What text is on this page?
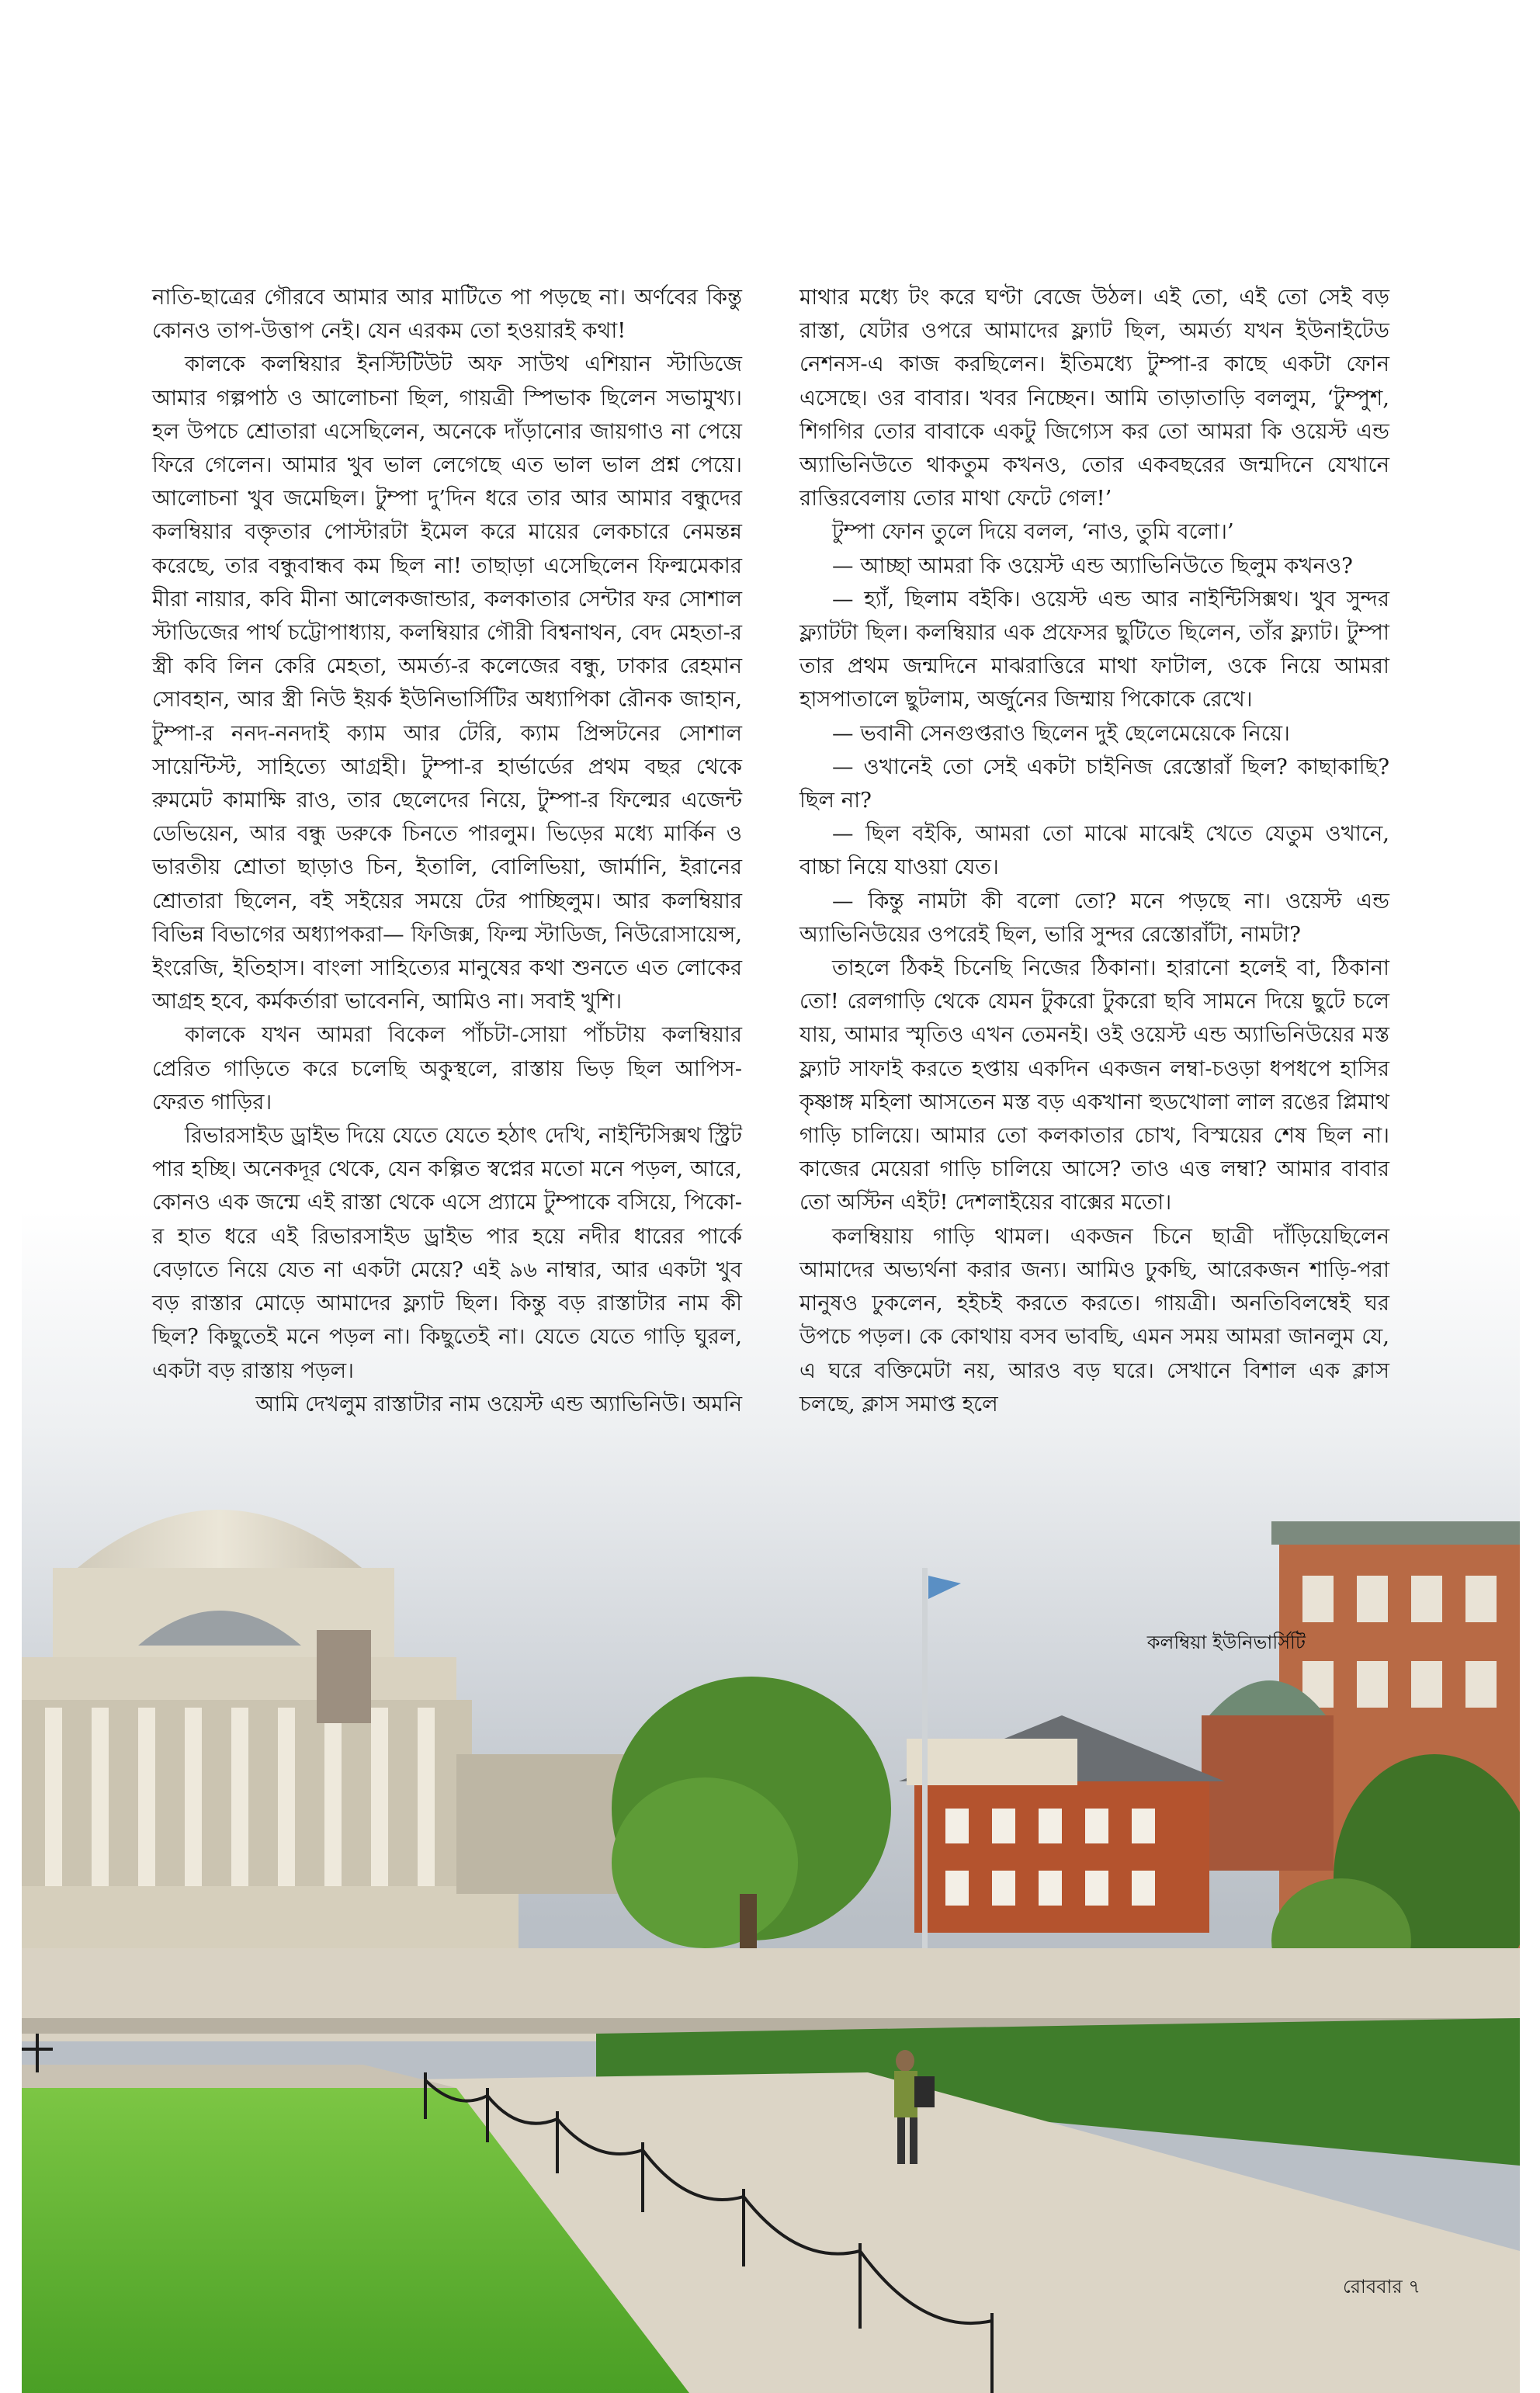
নাতি-ছাত্রের গৌরবে আমার আর মাটিতে পা পড়ছে না। অর্ণবের কিন্তু কোনও তাপ-উত্তাপ নেই। যেন এরকম তো হওয়ারই কথা!

কালকে কলম্বিয়ার ইনস্টিটিউট অফ সাউথ এশিয়ান স্টাডিজে আমার গল্পপাঠ ও আলোচনা ছিল, গায়ত্রী স্পিভাক ছিলেন সভামুখ্য। হল উপচে শ্রোতারা এসেছিলেন, অনেকে দাঁড়ানোর জায়গাও না পেয়ে ফিরে গেলেন। আমার খুব ভাল লেগেছে এত ভাল ভাল প্রশ্ন পেয়ে। আলোচনা খুব জমেছিল। টুম্পা দু’দিন ধরে তার আর আমার বন্ধুদের কলম্বিয়ার বক্তৃতার পোস্টারটা ইমেল করে মায়ের লেকচারে নেমন্তন্ন করেছে, তার বন্ধুবান্ধব কম ছিল না! তাছাড়া এসেছিলেন ফিল্মমেকার মীরা নায়ার, কবি মীনা আলেকজান্ডার, কলকাতার সেন্টার ফর সোশাল স্টাডিজের পার্থ চট্টোপাধ্যায়, কলম্বিয়ার গৌরী বিশ্বনাথন, বেদ মেহতা-র স্ত্রী কবি লিন কেরি মেহতা, অমর্ত্য-র কলেজের বন্ধু, ঢাকার রেহমান সোবহান, আর স্ত্রী নিউ ইয়র্ক ইউনিভার্সিটির অধ্যাপিকা রৌনক জাহান, টুম্পা-র ননদ-ননদাই ক্যাম আর টেরি, ক্যাম প্রিন্সটনের সোশাল সায়েন্টিস্ট, সাহিত্যে আগ্রহী। টুম্পা-র হার্ভার্ডের প্রথম বছর থেকে রুমমেট কামাক্ষি রাও, তার ছেলেদের নিয়ে, টুম্পা-র ফিল্মের এজেন্ট ডেভিয়েন, আর বন্ধু ডরুকে চিনতে পারলুম। ভিড়ের মধ্যে মার্কিন ও ভারতীয় শ্রোতা ছাড়াও চিন, ইতালি, বোলিভিয়া, জার্মানি, ইরানের শ্রোতারা ছিলেন, বই সইয়ের সময়ে টের পাচ্ছিলুম। আর কলম্বিয়ার বিভিন্ন বিভাগের অধ্যাপকরা— ফিজিক্স, ফিল্ম স্টাডিজ, নিউরোসায়েন্স, ইংরেজি, ইতিহাস। বাংলা সাহিত্যের মানুষের কথা শুনতে এত লোকের আগ্রহ হবে, কর্মকর্তারা ভাবেননি, আমিও না। সবাই খুশি।

কালকে যখন আমরা বিকেল পাঁচটা-সোয়া পাঁচটায় কলম্বিয়ার প্রেরিত গাড়িতে করে চলেছি অকুস্থলে, রাস্তায় ভিড় ছিল আপিস-ফেরত গাড়ির।

রিভারসাইড ড্রাইভ দিয়ে যেতে যেতে হঠাৎ দেখি, নাইন্টিসিক্সথ স্ট্রিট পার হচ্ছি। অনেকদূর থেকে, যেন কল্পিত স্বপ্নের মতো মনে পড়ল, আরে, কোনও এক জন্মে এই রাস্তা থেকে এসে প্র্যামে টুম্পাকে বসিয়ে, পিকো-র হাত ধরে এই রিভারসাইড ড্রাইভ পার হয়ে নদীর ধারের পার্কে বেড়াতে নিয়ে যেত না একটা মেয়ে? এই ৯৬ নাম্বার, আর একটা খুব বড় রাস্তার মোড়ে আমাদের ফ্ল্যাট ছিল। কিন্তু বড় রাস্তাটার নাম কী ছিল? কিছুতেই মনে পড়ল না। কিছুতেই না। যেতে যেতে গাড়ি ঘুরল, একটা বড় রাস্তায় পড়ল।

আমি দেখলুম রাস্তাটার নাম ওয়েস্ট এন্ড অ্যাভিনিউ। অমনি

মাথার মধ্যে টং করে ঘণ্টা বেজে উঠল। এই তো, এই তো সেই বড় রাস্তা, যেটার ওপরে আমাদের ফ্ল্যাট ছিল, অমর্ত্য যখন ইউনাইটেড নেশনস-এ কাজ করছিলেন। ইতিমধ্যে টুম্পা-র কাছে একটা ফোন এসেছে। ওর বাবার। খবর নিচ্ছেন। আমি তাড়াতাড়ি বললুম, ‘টুম্পুশ, শিগগির তোর বাবাকে একটু জিগ্যেস কর তো আমরা কি ওয়েস্ট এন্ড অ্যাভিনিউতে থাকতুম কখনও, তোর একবছরের জন্মদিনে যেখানে রাত্তিরবেলায় তোর মাথা ফেটে গেল!’

টুম্পা ফোন তুলে দিয়ে বলল, ‘নাও, তুমি বলো।’

— আচ্ছা আমরা কি ওয়েস্ট এন্ড অ্যাভিনিউতে ছিলুম কখনও?

— হ্যাঁ, ছিলাম বইকি। ওয়েস্ট এন্ড আর নাইন্টিসিক্সথ। খুব সুন্দর ফ্ল্যাটটা ছিল। কলম্বিয়ার এক প্রফেসর ছুটিতে ছিলেন, তাঁর ফ্ল্যাট। টুম্পা তার প্রথম জন্মদিনে মাঝরাত্তিরে মাথা ফাটাল, ওকে নিয়ে আমরা হাসপাতালে ছুটলাম, অর্জুনের জিম্মায় পিকোকে রেখে।

— ভবানী সেনগুপ্তরাও ছিলেন দুই ছেলেমেয়েকে নিয়ে।

— ওখানেই তো সেই একটা চাইনিজ রেস্তোরাঁ ছিল? কাছাকাছি? ছিল না?

— ছিল বইকি, আমরা তো মাঝে মাঝেই খেতে যেতুম ওখানে, বাচ্চা নিয়ে যাওয়া যেত।

— কিন্তু নামটা কী বলো তো? মনে পড়ছে না। ওয়েস্ট এন্ড অ্যাভিনিউয়ের ওপরেই ছিল, ভারি সুন্দর রেস্তোরাঁটা, নামটা?

তাহলে ঠিকই চিনেছি নিজের ঠিকানা। হারানো হলেই বা, ঠিকানা তো! রেলগাড়ি থেকে যেমন টুকরো টুকরো ছবি সামনে দিয়ে ছুটে চলে যায়, আমার স্মৃতিও এখন তেমনই। ওই ওয়েস্ট এন্ড অ্যাভিনিউয়ের মস্ত ফ্ল্যাট সাফাই করতে হপ্তায় একদিন একজন লম্বা-চওড়া ধপধপে হাসির কৃষ্ণাঙ্গ মহিলা আসতেন মস্ত বড় একখানা হুডখোলা লাল রঙের প্লিমাথ গাড়ি চালিয়ে। আমার তো কলকাতার চোখ, বিস্ময়ের শেষ ছিল না। কাজের মেয়েরা গাড়ি চালিয়ে আসে? তাও এত্ত লম্বা? আমার বাবার তো অস্টিন এইট! দেশলাইয়ের বাক্সের মতো।

কলম্বিয়ায় গাড়ি থামল। একজন চিনে ছাত্রী দাঁড়িয়েছিলেন আমাদের অভ্যর্থনা করার জন্য। আমিও ঢুকছি, আরেকজন শাড়ি-পরা মানুষও ঢুকলেন, হইচই করতে করতে। গায়ত্রী। অনতিবিলম্বেই ঘর উপচে পড়ল। কে কোথায় বসব ভাবছি, এমন সময় আমরা জানলুম যে, এ ঘরে বক্তিমেটা নয়, আরও বড় ঘরে। সেখানে বিশাল এক ক্লাস চলছে, ক্লাস সমাপ্ত হলে

কলম্বিয়া ইউনিভার্সিটি
রোববার ৭
